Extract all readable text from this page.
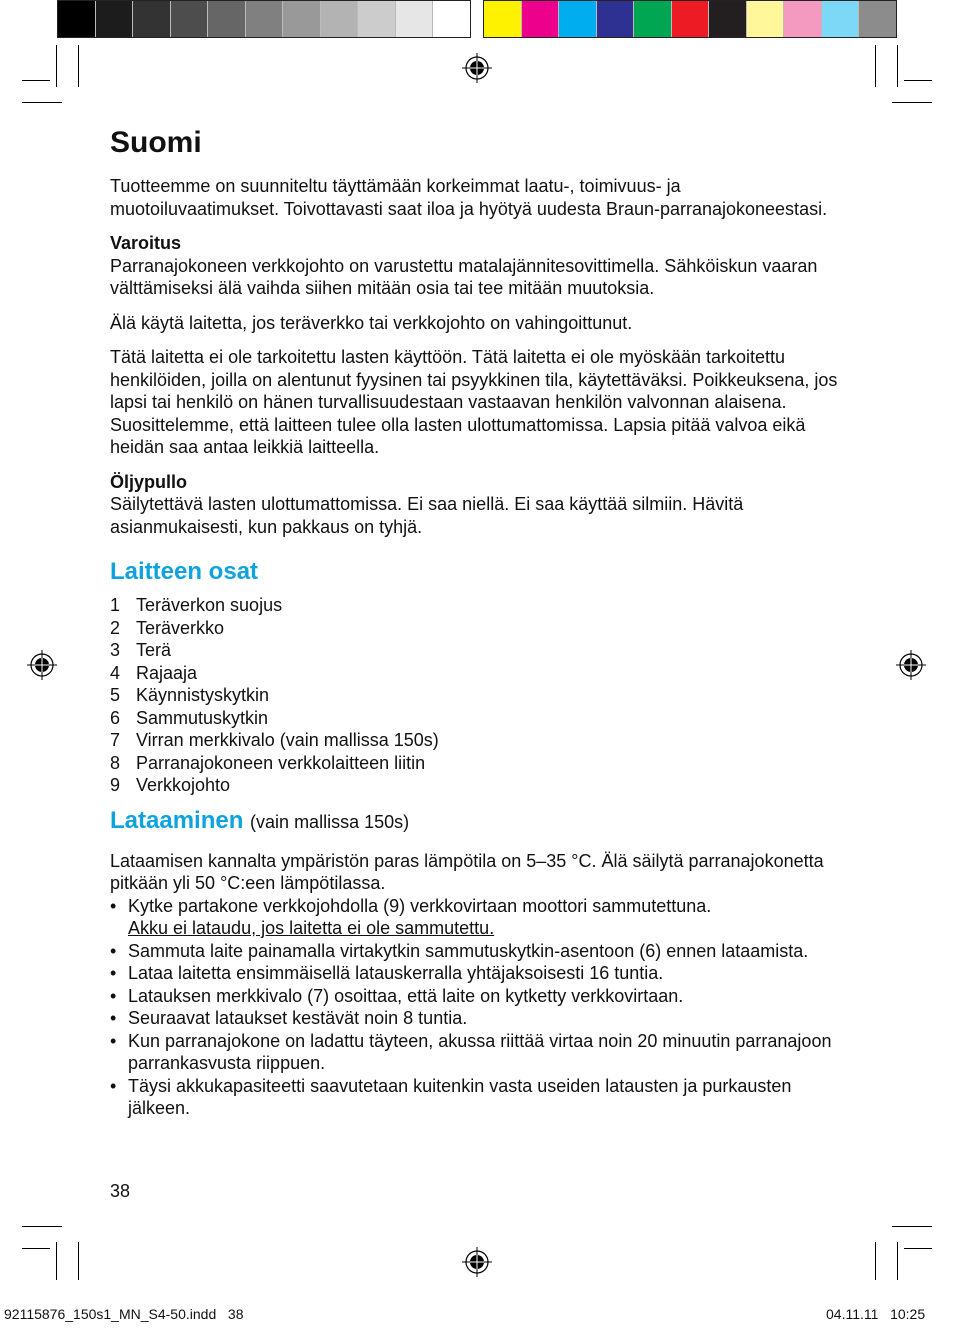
Suomi

Tuotteemme on suunniteltu täyttämään korkeimmat laatu-, toimivuus- ja muotoiluvaatimukset. Toivottavasti saat iloa ja hyötyä uudesta Braun-parranajokoneestasi.

Varoitus
Parranajokoneen verkkojohto on varustettu matalajännitesovittimella. Sähköiskun vaaran välttämiseksi älä vaihda siihen mitään osia tai tee mitään muutoksia.

Älä käytä laitetta, jos teräverkko tai verkkojohto on vahingoittunut.

Tätä laitetta ei ole tarkoitettu lasten käyttöön. Tätä laitetta ei ole myöskään tarkoitettu henkilöiden, joilla on alentunut fyysinen tai psyykkinen tila, käytettäväksi. Poikkeuksena, jos lapsi tai henkilö on hänen turvallisuudestaan vastaavan henkilön valvonnan alaisena. Suosittelemme, että laitteen tulee olla lasten ulottumattomissa. Lapsia pitää valvoa eikä heidän saa antaa leikkiä laitteella.

Öljypullo
Säilytettävä lasten ulottumattomissa. Ei saa niellä. Ei saa käyttää silmiin. Hävitä asianmukaisesti, kun pakkaus on tyhjä.

Laitteen osat
1 Teräverkon suojus
2 Teräverkko
3 Terä
4 Rajaaja
5 Käynnistyskytkin
6 Sammutuskytkin
7 Virran merkkivalo (vain mallissa 150s)
8 Parranajokoneen verkkolaitteen liitin
9 Verkkojohto
Lataaminen (vain mallissa 150s)

Lataamisen kannalta ympäristön paras lämpötila on 5–35 °C. Älä säilytä parranajokonetta pitkään yli 50 °C:een lämpötilassa.

• Kytke partakone verkkojohdolla (9) verkkovirtaan moottori sammutettuna.
Akku ei lataudu, jos laitetta ei ole sammutettu.
• Sammuta laite painamalla virtakytkin sammutuskytkin-asentoon (6) ennen lataamista.
• Lataa laitetta ensimmäisellä latauskerralla yhtäjaksoisesti 16 tuntia.
• Latauksen merkkivalo (7) osoittaa, että laite on kytketty verkkovirtaan.
• Seuraavat lataukset kestävät noin 8 tuntia.
• Kun parranajokone on ladattu täyteen, akussa riittää virtaa noin 20 minuutin parranajoon parrankasvusta riippuen.
• Täysi akkukapasiteetti saavutetaan kuitenkin vasta useiden latausten ja purkausten jälkeen.
38
92115876_150s1_MN_S4-50.indd   38	04.11.11   10:25
